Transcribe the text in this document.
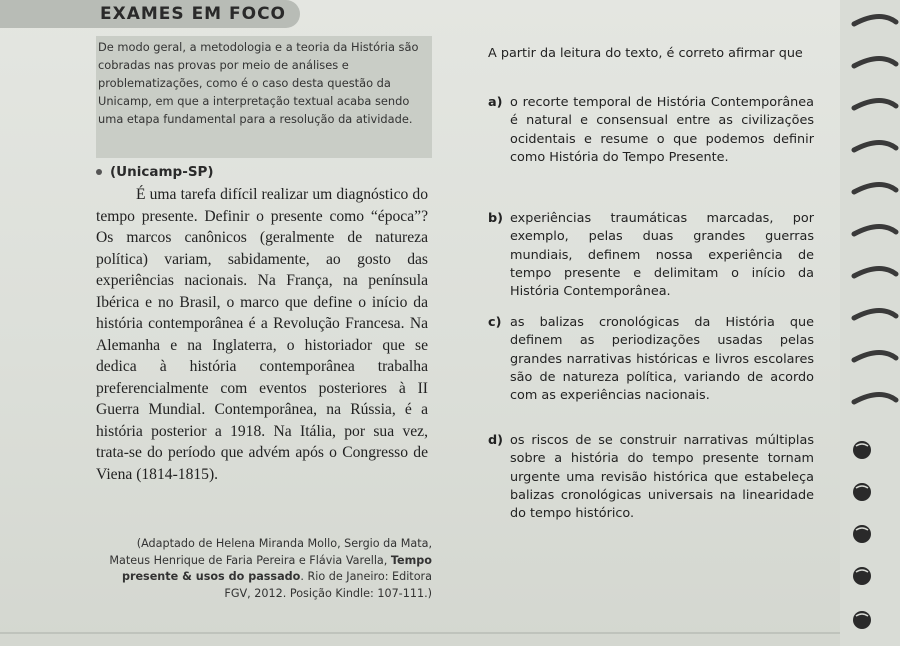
EXAMES EM FOCO

De modo geral, a metodologia e a teoria da História são cobradas nas provas por meio de análises e problematizações, como é o caso desta questão da Unicamp, em que a interpretação textual acaba sendo uma etapa fundamental para a resolução da atividade.

(Unicamp-SP)

É uma tarefa difícil realizar um diagnóstico do tempo presente. Definir o presente como “época”? Os marcos canônicos (geralmente de natureza política) variam, sabidamente, ao gosto das experiências nacionais. Na França, na península Ibérica e no Brasil, o marco que define o início da história contemporânea é a Revolução Francesa. Na Alemanha e na Inglaterra, o historiador que se dedica à história contemporânea trabalha preferencialmente com eventos posteriores à II Guerra Mundial. Contemporânea, na Rússia, é a história posterior a 1918. Na Itália, por sua vez, trata-se do período que advém após o Congresso de Viena (1814-1815).

(Adaptado de Helena Miranda Mollo, Sergio da Mata,
Mateus Henrique de Faria Pereira e Flávia Varella, Tempo
presente & usos do passado. Rio de Janeiro: Editora
FGV, 2012. Posição Kindle: 107-111.)

A partir da leitura do texto, é correto afirmar que

a) o recorte temporal de História Contemporânea é natural e consensual entre as civilizações ocidentais e resume o que podemos definir como História do Tempo Presente.
b) experiências traumáticas marcadas, por exemplo, pelas duas grandes guerras mundiais, definem nossa experiência de tempo presente e delimitam o início da História Contemporânea.
c) as balizas cronológicas da História que definem as periodizações usadas pelas grandes narrativas históricas e livros escolares são de natureza política, variando de acordo com as experiências nacionais.
d) os riscos de se construir narrativas múltiplas sobre a história do tempo presente tornam urgente uma revisão histórica que estabeleça balizas cronológicas universais na linearidade do tempo histórico.
